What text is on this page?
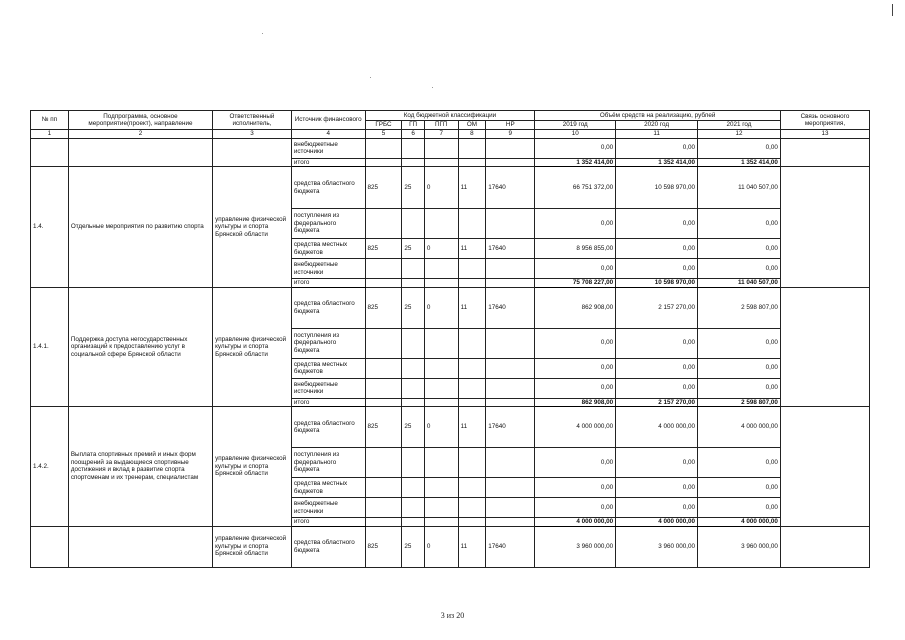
№ пп	Подпрограмма, основное мероприятие(проект), направление	Ответственный исполнитель,	Источник финансового	Код бюджетной классификации					Объём средств на реализацию, рублей			Связь основного мероприятия,
				ГРБС	ГП	ПГП	ОМ	НР	2019 год	2020 год	2021 год	
1	2	3	4	5	6	7	8	9	10	11	12	13
			внебюджетные источники						0,00	0,00	0,00	
			итого						1 352 414,00	1 352 414,00	1 352 414,00	
1.4.	Отдельные мероприятия по развитию спорта	управление физической культуры и спорта Брянской области	средства областного бюджета	825	25	0	11	17640	66 751 372,00	10 598 970,00	11 040 507,00	
			поступления из федерального бюджета						0,00	0,00	0,00	
			средства местных бюджетов	825	25	0	11	17640	8 956 855,00	0,00	0,00	
			внебюджетные источники						0,00	0,00	0,00	
			итого						75 708 227,00	10 598 970,00	11 040 507,00	
1.4.1.	Поддержка доступа негосударственных организаций к предоставлению услуг в социальной сфере Брянской области	управление физической культуры и спорта Брянской области	средства областного бюджета	825	25	0	11	17640	862 908,00	2 157 270,00	2 598 807,00	
			поступления из федерального бюджета						0,00	0,00	0,00	
			средства местных бюджетов						0,00	0,00	0,00	
			внебюджетные источники						0,00	0,00	0,00	
			итого						862 908,00	2 157 270,00	2 598 807,00	
1.4.2.	Выплата спортивных премий и иных форм поощрений за выдающиеся спортивные достижения и вклад в развитие спорта спортсменам и их тренерам, специалистам	управление физической культуры и спорта Брянской области	средства областного бюджета	825	25	0	11	17640	4 000 000,00	4 000 000,00	4 000 000,00	
			поступления из федерального бюджета						0,00	0,00	0,00	
			средства местных бюджетов						0,00	0,00	0,00	
			внебюджетные источники						0,00	0,00	0,00	
			итого						4 000 000,00	4 000 000,00	4 000 000,00	
		управление физической культуры и спорта Брянской области	средства областного бюджета	825	25	0	11	17640	3 960 000,00	3 960 000,00	3 960 000,00	
3 из 20
